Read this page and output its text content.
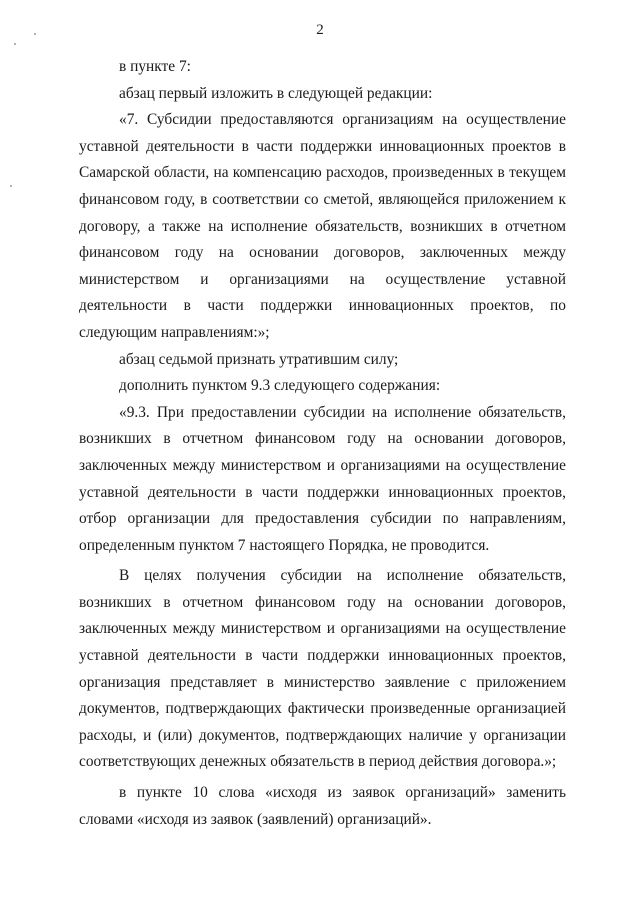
2

в пункте 7:

абзац первый изложить в следующей редакции:

«7. Субсидии предоставляются организациям на осуществление уставной деятельности в части поддержки инновационных проектов в Самарской области, на компенсацию расходов, произведенных в текущем финансовом году, в соответствии со сметой, являющейся приложением к договору, а также на исполнение обязательств, возникших в отчетном финансовом году на основании договоров, заключенных между министерством и организациями на осуществление уставной деятельности в части поддержки инновационных проектов, по следующим направлениям:»;

абзац седьмой признать утратившим силу;

дополнить пунктом 9.3 следующего содержания:

«9.3. При предоставлении субсидии на исполнение обязательств, возникших в отчетном финансовом году на основании договоров, заключенных между министерством и организациями на осуществление уставной деятельности в части поддержки инновационных проектов, отбор организации для предоставления субсидии по направлениям, определенным пунктом 7 настоящего Порядка, не проводится.

В целях получения субсидии на исполнение обязательств, возникших в отчетном финансовом году на основании договоров, заключенных между министерством и организациями на осуществление уставной деятельности в части поддержки инновационных проектов, организация представляет в министерство заявление с приложением документов, подтверждающих фактически произведенные организацией расходы, и (или) документов, подтверждающих наличие у организации соответствующих денежных обязательств в период действия договора.»;

в пункте 10 слова «исходя из заявок организаций» заменить словами «исходя из заявок (заявлений) организаций».
